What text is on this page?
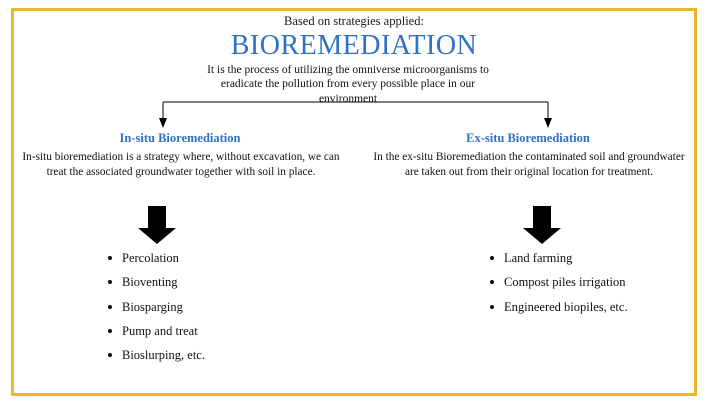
Based on strategies applied:
BIOREMEDIATION
It is the process of utilizing the omniverse microorganisms to eradicate the pollution from every possible place in our environment
In-situ Bioremediation
In-situ bioremediation is a strategy where, without excavation, we can treat the associated groundwater together with soil in place.
Ex-situ Bioremediation
In the ex-situ Bioremediation the contaminated soil and groundwater are taken out from their original location for treatment.
Percolation
Bioventing
Biosparging
Pump and treat
Bioslurping, etc.
Land farming
Compost piles irrigation
Engineered biopiles, etc.
